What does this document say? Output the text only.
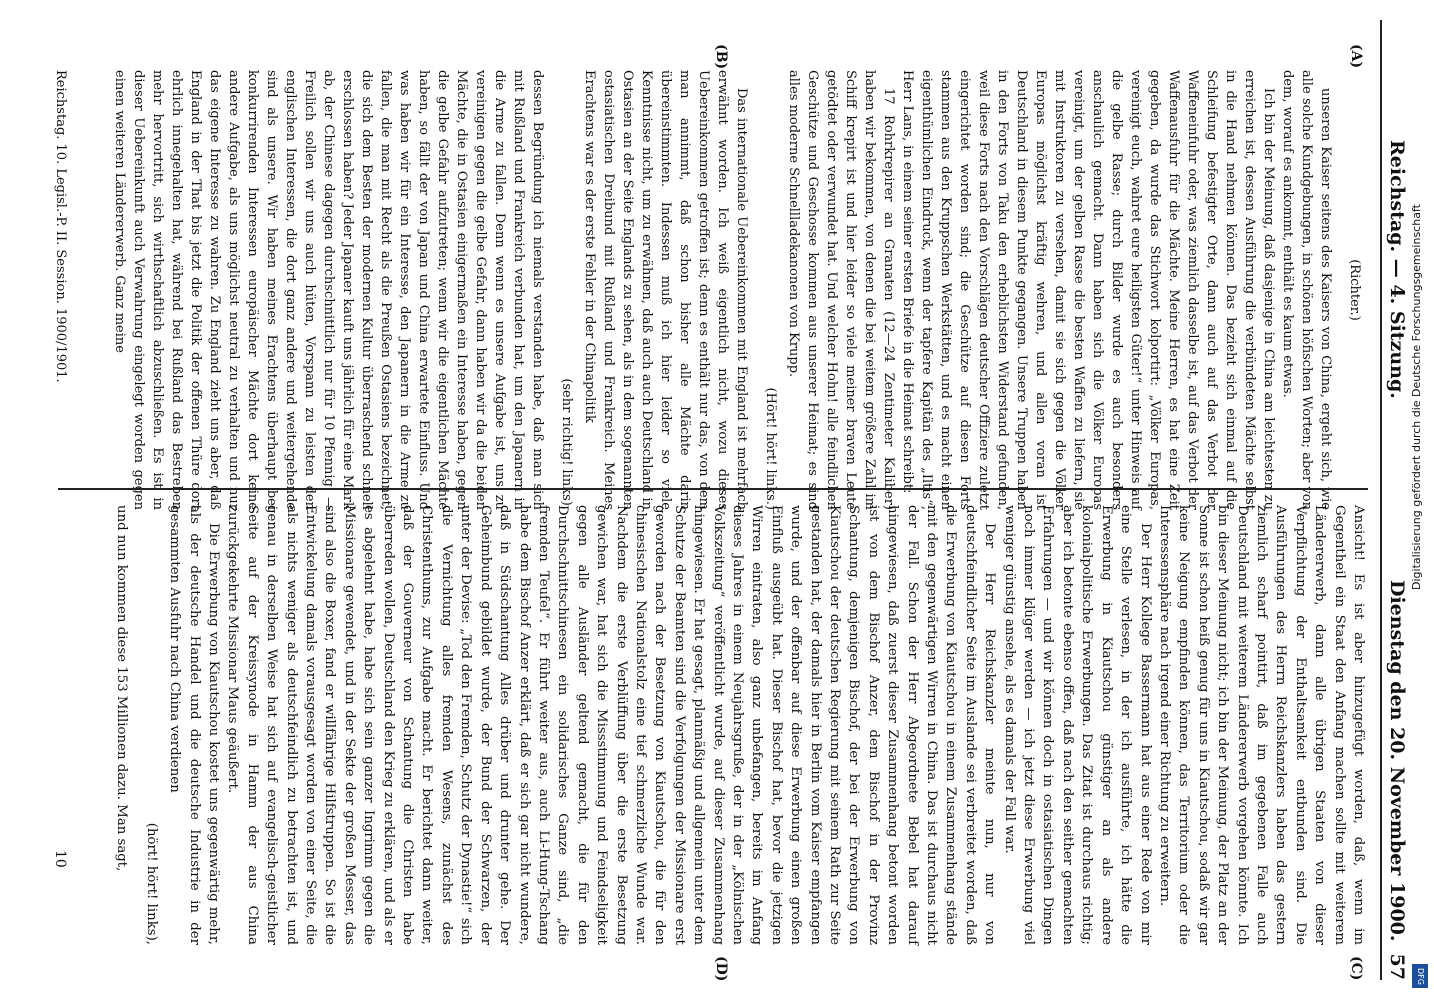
Reichstag. — 4. Sitzung.
Dienstag den 20. November 1900.
57
(A)
(B)
(C)
(D)

(Richter.)

unseren Kaiser seitens des Kaisers von China, ergeht sich, wie alle solche Kundgebungen, in schönen höfischen Worten; aber von dem, worauf es ankommt, enthält es kaum etwas.

Ich bin der Meinung, daß dasjenige in China am leichtesten zu erreichen ist, dessen Ausführung die verbündeten Mächte selbst in die Hand nehmen können. Das bezieht sich einmal auf die Schleifung befestigter Orte, dann auch auf das Verbot der Waffeneinfuhr oder, was ziemlich dasselbe ist, auf das Verbot der Waffenausfuhr für die Mächte. Meine Herren, es hat eine Zeit gegeben, da wurde das Stichwort kolportirt: „Völker Europas, vereinigt euch, wahret eure heiligsten Güter!“ unter Hinweis auf die gelbe Rasse; durch Bilder wurde es auch besonders anschaulich gemacht. Dann haben sich die Völker Europas vereinigt, um der gelben Rasse die besten Waffen zu liefern, sie mit Instruktoren zu versehen, damit sie sich gegen die Völker Europas möglichst kräftig wehren, und allen voran ist Deutschland in diesem Punkte gegangen. Unsere Truppen haben in den Forts von Taku den erheblichsten Widerstand gefunden, weil diese Forts nach den Vorschlägen deutscher Offiziere zuletzt eingerichtet worden sind; die Geschütze auf diesen Forts stammen aus den Kruppschen Werkstätten, und es macht einen eigenthümlichen Eindruck, wenn der tapfere Kapitän des „Iltis“, Herr Lans, in einem seiner ersten Briefe in die Heimat schreibt:

17 Rohrkrepirer an Granaten (12—24 Zentimeter Kaliber) haben wir bekommen, von denen die bei weitem größere Zahl im Schiff krepirt ist und hier leider so viele meiner braven Leute getödtet oder verwundet hat. Und welcher Hohn! alle feindlichen Geschütze und Geschosse kommen aus unserer Heimat; es sind alles moderne Schnellladekanonen von Krupp.

(Hört! hört! links.)

Das internationale Uebereinkommen mit England ist mehrfach erwähnt worden. Ich weiß eigentlich nicht, wozu dieses Uebereinkommen getroffen ist; denn es enthält nur das, von dem man annimmt, daß schon bisher alle Mächte darin übereinstimmten. Indessen muß ich hier leider so viele Kenntnisse nicht, um zu erwähnen, daß auch auch Deutschland in Ostasien an der Seite Englands zu sehen, als in dem sogenannten ostasiatischen Dreibund mit Rußland und Frankreich. Meines Erachtens war es der erste Fehler in der Chinapolitik

(sehr richtig! links),

dessen Begründung ich niemals verstanden habe, daß man sich mit Rußland und Frankreich verbunden hat, um den Japanern in die Arme zu fallen. Denn wenn es unsere Aufgabe ist, uns zu vereinigen gegen die gelbe Gefahr, dann haben wir da die beiden Mächte, die in Ostasien einigermaßen ein Interesse haben, gegen die gelbe Gefahr aufzutreten; wenn wir die eigentlichen Mächte haben, so fällt der von Japan und China erwartete Einfluss. Und was haben wir für ein Interesse, den Japanern in die Arme zu fallen, die man mit Recht als die Preußen Ostasiens bezeichnet, die sich dem Besten der modernen Kultur überraschend schnell erschlossen haben? Jeder Japaner kauft uns jährlich für eine Mark ab, der Chinese dagegen durchschnittlich nur für 10 Pfennig. — Freilich sollen wir uns auch hüten, Vorspann zu leisten den englischen Interessen, die dort ganz andere und weitergehende sind als unsere. Wir haben meines Erachtens überhaupt bei konkurrirenden Interessen europäischer Mächte dort keine andere Aufgabe, als uns möglichst neutral zu verhalten und nur das eigene Interesse zu wahren. Zu England zieht uns aber, daß England in der That bis jetzt die Politik der offenen Thüre dort ehrlich innegehalten hat, während bei Rußland das Bestreben mehr hervortritt, sich wirthschaftlich abzuschließen. Es ist in dieser Uebereinkunft auch Verwahrung eingelegt worden gegen einen weiteren Ländererwerb. Ganz meine

Ansicht! Es ist aber hinzugefügt worden, daß, wenn im Gegentheil ein Staat den Anfang machen sollte mit weiterem Ländererwerb, dann alle übrigen Staaten von dieser Verpflichtung der Enthaltsamkeit entbunden sind. Die Ausführungen des Herrn Reichskanzlers haben das gestern ziemlich scharf pointirt, daß im gegebenen Falle auch Deutschland mit weiterem Ländererwerb vorgehen könnte. Ich bin dieser Meinung nicht; ich bin der Meinung, der Platz an der Sonne ist schon heiß genug für uns in Kiautschou, sodaß wir gar keine Neigung empfinden können, das Territorium oder die Interessensphäre nach irgend einer Richtung zu erweitern.

Der Herr Kollege Bassermann hat aus einer Rede von mir eine Stelle verlesen, in der ich ausführte, ich hätte die Erwerbung in Kiautschou günstiger an als andere kolonialpolitische Erwerbungen. Das Zitat ist durchaus richtig; aber ich betonte ebenso offen, daß nach den seither gemachten Erfahrungen — und wir können doch in ostasiatischen Dingen noch immer klüger werden — ich jetzt diese Erwerbung viel weniger günstig ansehe, als es damals der Fall war.

Der Herr Reichskanzler meinte nun, nur von deutschfeindlicher Seite im Auslande sei verbreitet worden, daß die Erwerbung von Kiautschou in einem Zusammenhang stände mit den gegenwärtigen Wirren in China. Das ist durchaus nicht der Fall. Schon der Herr Abgeordnete Bebel hat darauf hingewiesen, daß zuerst dieser Zusammenhang betont worden ist von dem Bischof Anzer, dem Bischof in der Provinz Schantung, demjenigen Bischof, der bei der Erwerbung von Kiautschou der deutschen Regierung mit seinem Rath zur Seite gestanden hat, der damals hier in Berlin vom Kaiser empfangen wurde, und der offenbar auf diese Erwerbung einen großen Einfluß ausgeübt hat. Dieser Bischof hat, bevor die jetzigen Wirren eintraten, also ganz unbefangen, bereits im Anfang dieses Jahres in einem Neujahrsgruße, der in der „Kölnischen Volkszeitung“ veröffentlicht wurde, auf dieser Zusammenhang hingewiesen. Er hat gesagt, planmäßig und allgemein unter dem Schutze der Beamten sind die Verfolgungen der Missionare erst geworden nach der Besetzung von Kiautschou, die für den chinesischen Nationalstolz eine tief schmerzliche Wunde war. Nachdem die erste Verblüffung über die erste Besetzung gewichen war, hat sich die Missstimmung und Feindseligkeit gegen alle Ausländer geltend gemacht, die für den Durchschnittschinesen ein solidarisches Ganze sind, „die fremden Teufel“. Er führt weiter aus, auch Li-Hung-Tschang habe dem Bischof Anzer erklärt, daß er sich gar nicht wundere, daß in Südschantung Alles drüber und drunter gehe. Der Geheimbund gebildet wurde, der Bund der Schwarzen, der unter der Devise: „Tod den Fremden, Schutz der Dynastie!“ sich die Vernichtung alles fremden Wesens, zunächst des Christenthums, zur Aufgabe macht. Er berichtet dann weiter, daß der Gouverneur von Schantung die Christen habe überreden wollen, Deutschland den Krieg zu erklären, und als er es abgelehnt habe, habe sich sein ganzer Ingrimm gegen die Missionare gewendet, und in der Sekte der großen Messer, das sind also die Boxer, fand er willfährige Hilfstruppen. So ist die Entwickelung damals vorausgesagt worden von einer Seite, die als nichts weniger als deutschfeindlich zu betrachten ist, und genau in derselben Weise hat sich auf evangelisch-geistlicher Seite auf der Kreissynode in Hamm der aus China zurückgekehrte Missionar Maus geäußert.

Die Erwerbung von Kiautschou kostet uns gegenwärtig mehr, als der deutsche Handel und die deutsche Industrie in der gesammten Ausfuhr nach China verdienen

(hört! hört! links),

und nun kommen diese 153 Millionen dazu. Man sagt,

Reichstag. 10. Legisl.-P. II. Session. 1900/1901.
10
Digitalisierung gefördert durch die Deutsche Forschungsgemeinschaft
DFG
